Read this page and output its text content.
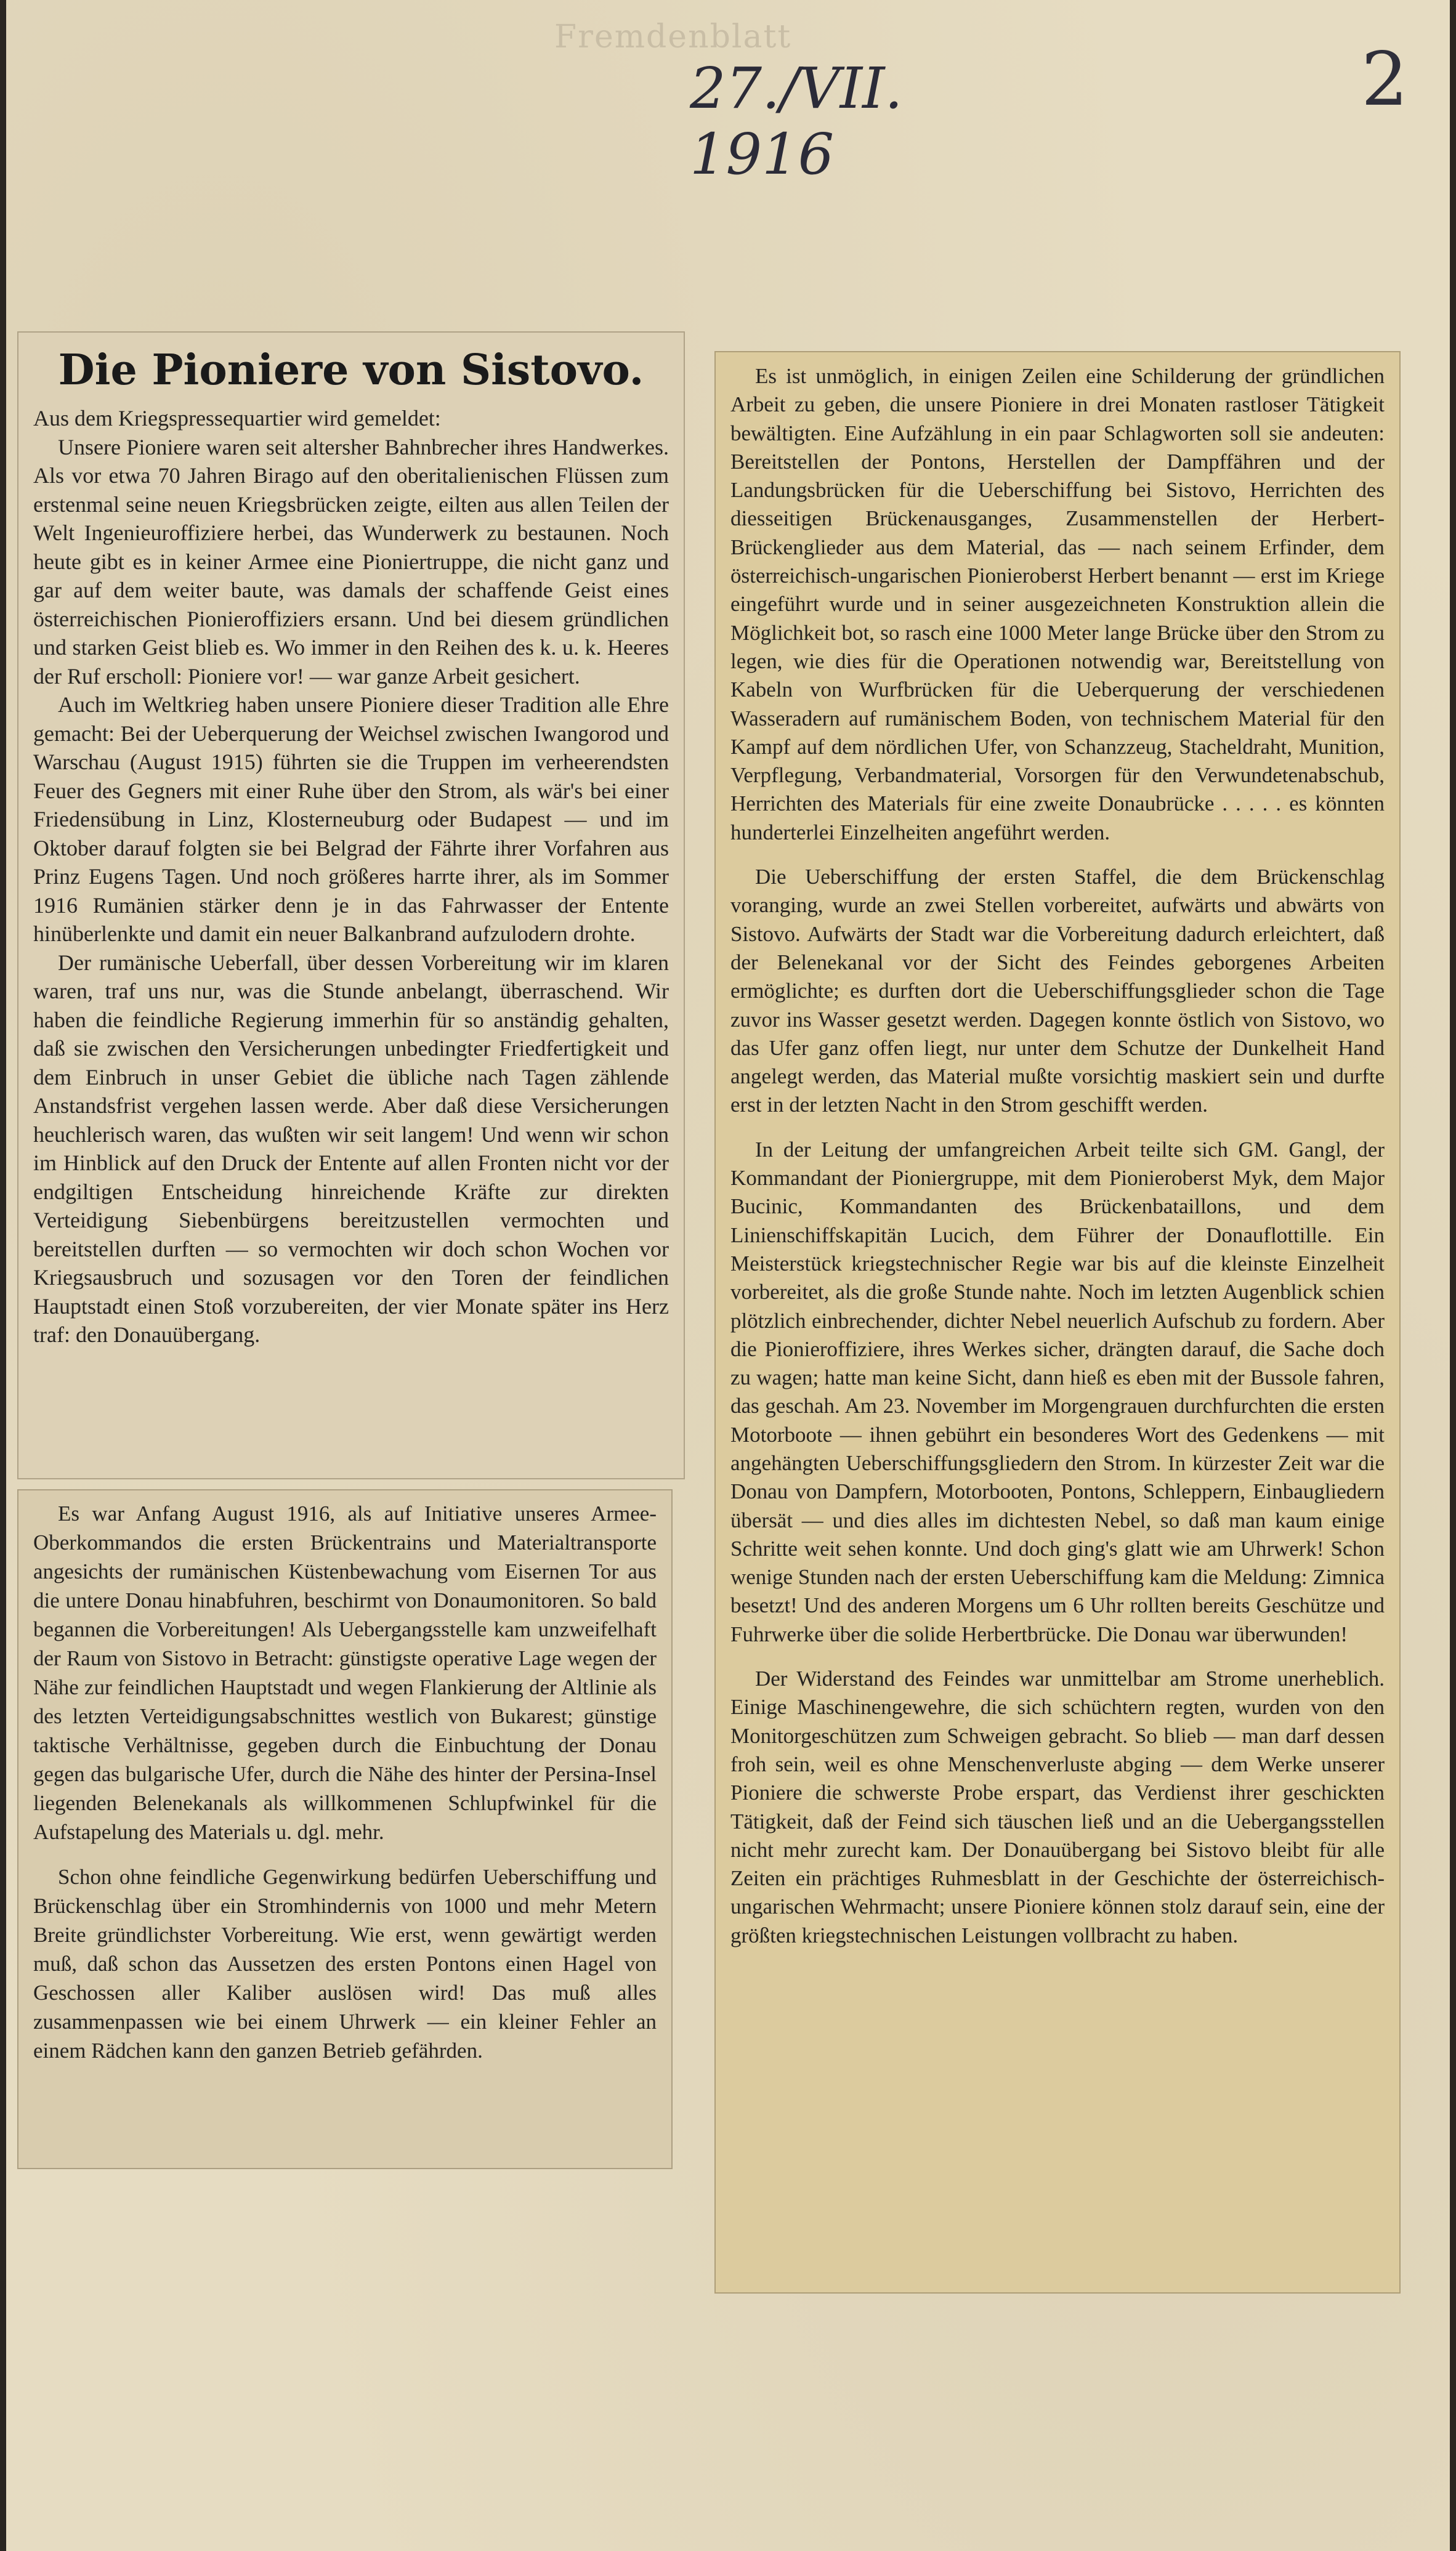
Fremdenblatt
27./VII. 1916
2
Die Pioniere von Sistovo.

Aus dem Kriegspressequartier wird gemeldet:

Unsere Pioniere waren seit altersher Bahnbrecher ihres Handwerkes. Als vor etwa 70 Jahren Birago auf den oberitalienischen Flüssen zum erstenmal seine neuen Kriegsbrücken zeigte, eilten aus allen Teilen der Welt Ingenieuroffiziere herbei, das Wunderwerk zu bestaunen. Noch heute gibt es in keiner Armee eine Pioniertruppe, die nicht ganz und gar auf dem weiter baute, was damals der schaffende Geist eines österreichischen Pionieroffiziers ersann. Und bei diesem gründlichen und starken Geist blieb es. Wo immer in den Reihen des k. u. k. Heeres der Ruf erscholl: Pioniere vor! — war ganze Arbeit gesichert.

Auch im Weltkrieg haben unsere Pioniere dieser Tradition alle Ehre gemacht: Bei der Ueberquerung der Weichsel zwischen Iwangorod und Warschau (August 1915) führten sie die Truppen im verheerendsten Feuer des Gegners mit einer Ruhe über den Strom, als wär's bei einer Friedensübung in Linz, Klosterneuburg oder Budapest — und im Oktober darauf folgten sie bei Belgrad der Fährte ihrer Vorfahren aus Prinz Eugens Tagen. Und noch größeres harrte ihrer, als im Sommer 1916 Rumänien stärker denn je in das Fahrwasser der Entente hinüberlenkte und damit ein neuer Balkanbrand aufzulodern drohte.

Der rumänische Ueberfall, über dessen Vorbereitung wir im klaren waren, traf uns nur, was die Stunde anbelangt, überraschend. Wir haben die feindliche Regierung immerhin für so anständig gehalten, daß sie zwischen den Versicherungen unbedingter Friedfertigkeit und dem Einbruch in unser Gebiet die übliche nach Tagen zählende Anstandsfrist vergehen lassen werde. Aber daß diese Versicherungen heuchlerisch waren, das wußten wir seit langem! Und wenn wir schon im Hinblick auf den Druck der Entente auf allen Fronten nicht vor der endgiltigen Entscheidung hinreichende Kräfte zur direkten Verteidigung Siebenbürgens bereitzustellen vermochten und bereitstellen durften — so vermochten wir doch schon Wochen vor Kriegsausbruch und sozusagen vor den Toren der feindlichen Hauptstadt einen Stoß vorzubereiten, der vier Monate später ins Herz traf: den Donauübergang.

Es war Anfang August 1916, als auf Initiative unseres Armee-Oberkommandos die ersten Brückentrains und Materialtransporte angesichts der rumänischen Küstenbewachung vom Eisernen Tor aus die untere Donau hinabfuhren, beschirmt von Donaumonitoren. So bald begannen die Vorbereitungen! Als Uebergangsstelle kam unzweifelhaft der Raum von Sistovo in Betracht: günstigste operative Lage wegen der Nähe zur feindlichen Hauptstadt und wegen Flankierung der Altlinie als des letzten Verteidigungsabschnittes westlich von Bukarest; günstige taktische Verhältnisse, gegeben durch die Einbuchtung der Donau gegen das bulgarische Ufer, durch die Nähe des hinter der Persina-Insel liegenden Belenekanals als willkommenen Schlupfwinkel für die Aufstapelung des Materials u. dgl. mehr.

Schon ohne feindliche Gegenwirkung bedürfen Ueberschiffung und Brückenschlag über ein Stromhindernis von 1000 und mehr Metern Breite gründlichster Vorbereitung. Wie erst, wenn gewärtigt werden muß, daß schon das Aussetzen des ersten Pontons einen Hagel von Geschossen aller Kaliber auslösen wird! Das muß alles zusammenpassen wie bei einem Uhrwerk — ein kleiner Fehler an einem Rädchen kann den ganzen Betrieb gefährden.

Es ist unmöglich, in einigen Zeilen eine Schilderung der gründlichen Arbeit zu geben, die unsere Pioniere in drei Monaten rastloser Tätigkeit bewältigten. Eine Aufzählung in ein paar Schlagworten soll sie andeuten: Bereitstellen der Pontons, Herstellen der Dampffähren und der Landungsbrücken für die Ueberschiffung bei Sistovo, Herrichten des diesseitigen Brückenausganges, Zusammenstellen der Herbert-Brückenglieder aus dem Material, das — nach seinem Erfinder, dem österreichisch-ungarischen Pionieroberst Herbert benannt — erst im Kriege eingeführt wurde und in seiner ausgezeichneten Konstruktion allein die Möglichkeit bot, so rasch eine 1000 Meter lange Brücke über den Strom zu legen, wie dies für die Operationen notwendig war, Bereitstellung von Kabeln von Wurfbrücken für die Ueberquerung der verschiedenen Wasseradern auf rumänischem Boden, von technischem Material für den Kampf auf dem nördlichen Ufer, von Schanzzeug, Stacheldraht, Munition, Verpflegung, Verbandmaterial, Vorsorgen für den Verwundetenabschub, Herrichten des Materials für eine zweite Donaubrücke . . . . . es könnten hunderterlei Einzelheiten angeführt werden.

Die Ueberschiffung der ersten Staffel, die dem Brückenschlag voranging, wurde an zwei Stellen vorbereitet, aufwärts und abwärts von Sistovo. Aufwärts der Stadt war die Vorbereitung dadurch erleichtert, daß der Belenekanal vor der Sicht des Feindes geborgenes Arbeiten ermöglichte; es durften dort die Ueberschiffungsglieder schon die Tage zuvor ins Wasser gesetzt werden. Dagegen konnte östlich von Sistovo, wo das Ufer ganz offen liegt, nur unter dem Schutze der Dunkelheit Hand angelegt werden, das Material mußte vorsichtig maskiert sein und durfte erst in der letzten Nacht in den Strom geschifft werden.

In der Leitung der umfangreichen Arbeit teilte sich GM. Gangl, der Kommandant der Pioniergruppe, mit dem Pionieroberst Myk, dem Major Bucinic, Kommandanten des Brückenbataillons, und dem Linienschiffskapitän Lucich, dem Führer der Donauflottille. Ein Meisterstück kriegstechnischer Regie war bis auf die kleinste Einzelheit vorbereitet, als die große Stunde nahte. Noch im letzten Augenblick schien plötzlich einbrechender, dichter Nebel neuerlich Aufschub zu fordern. Aber die Pionieroffiziere, ihres Werkes sicher, drängten darauf, die Sache doch zu wagen; hatte man keine Sicht, dann hieß es eben mit der Bussole fahren, das geschah. Am 23. November im Morgengrauen durchfurchten die ersten Motorboote — ihnen gebührt ein besonderes Wort des Gedenkens — mit angehängten Ueberschiffungsgliedern den Strom. In kürzester Zeit war die Donau von Dampfern, Motorbooten, Pontons, Schleppern, Einbaugliedern übersät — und dies alles im dichtesten Nebel, so daß man kaum einige Schritte weit sehen konnte. Und doch ging's glatt wie am Uhrwerk! Schon wenige Stunden nach der ersten Ueberschiffung kam die Meldung: Zimnica besetzt! Und des anderen Morgens um 6 Uhr rollten bereits Geschütze und Fuhrwerke über die solide Herbertbrücke. Die Donau war überwunden!

Der Widerstand des Feindes war unmittelbar am Strome unerheblich. Einige Maschinengewehre, die sich schüchtern regten, wurden von den Monitorgeschützen zum Schweigen gebracht. So blieb — man darf dessen froh sein, weil es ohne Menschenverluste abging — dem Werke unserer Pioniere die schwerste Probe erspart, das Verdienst ihrer geschickten Tätigkeit, daß der Feind sich täuschen ließ und an die Uebergangsstellen nicht mehr zurecht kam. Der Donauübergang bei Sistovo bleibt für alle Zeiten ein prächtiges Ruhmesblatt in der Geschichte der österreichisch-ungarischen Wehrmacht; unsere Pioniere können stolz darauf sein, eine der größten kriegstechnischen Leistungen vollbracht zu haben.
